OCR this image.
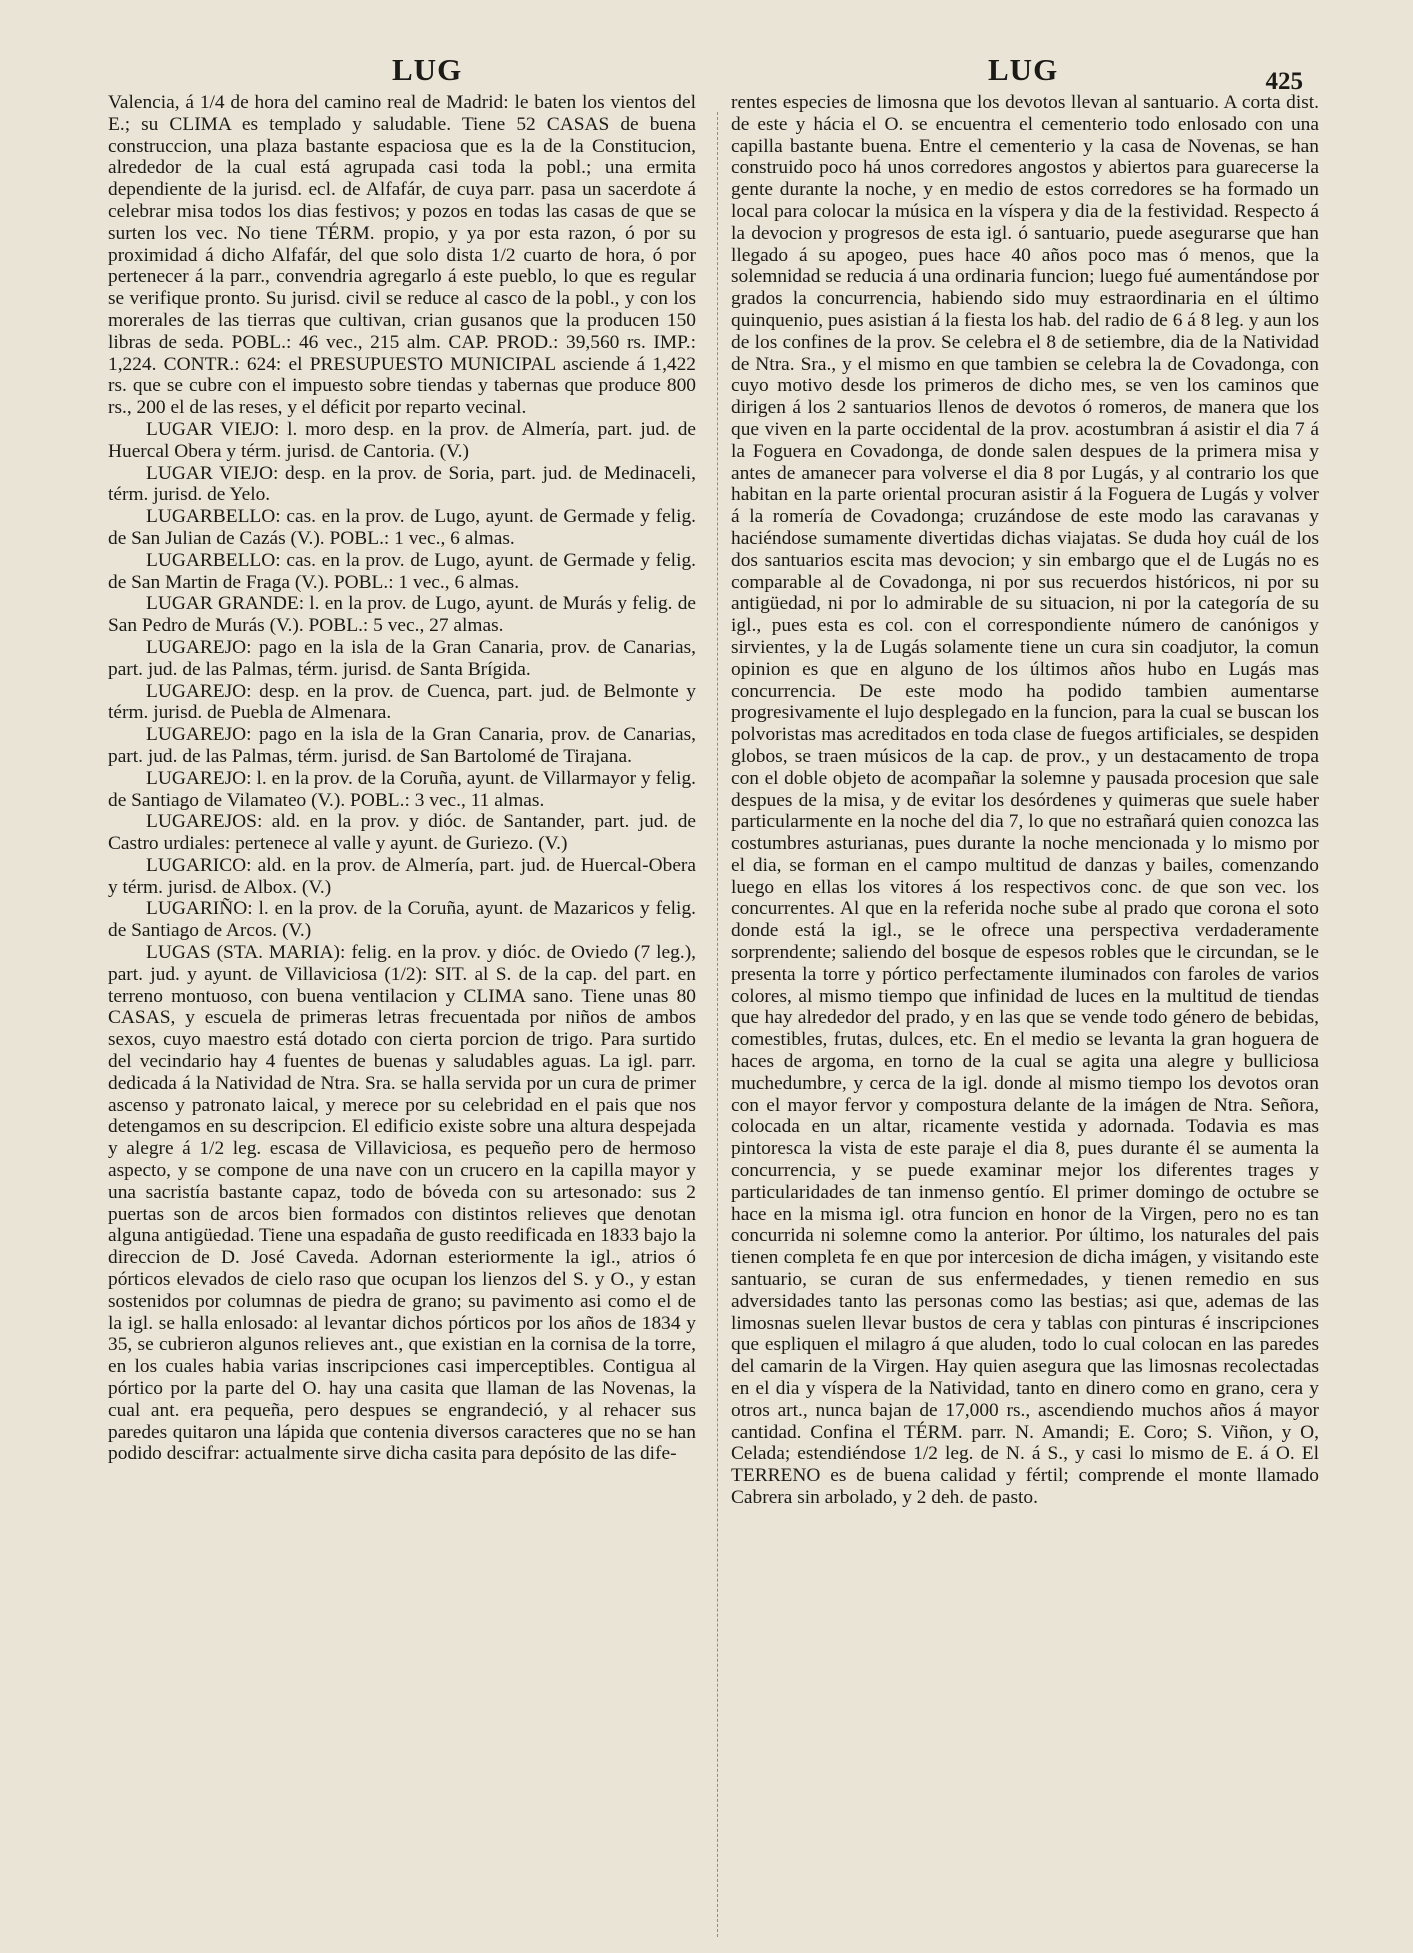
LUG	LUG	425

Valencia, á 1/4 de hora del camino real de Madrid: le baten los vientos del E.; su CLIMA es templado y saludable. Tiene 52 CASAS de buena construccion, una plaza bastante espaciosa que es la de la Constitucion, alrededor de la cual está agrupada casi toda la pobl.; una ermita dependiente de la jurisd. ecl. de Alfafár, de cuya parr. pasa un sacerdote á celebrar misa todos los dias festivos; y pozos en todas las casas de que se surten los vec. No tiene TÉRM. propio, y ya por esta razon, ó por su proximidad á dicho Alfafár, del que solo dista 1/2 cuarto de hora, ó por pertenecer á la parr., convendria agregarlo á este pueblo, lo que es regular se verifique pronto. Su jurisd. civil se reduce al casco de la pobl., y con los morerales de las tierras que cultivan, crian gusanos que la producen 150 libras de seda. POBL.: 46 vec., 215 alm. CAP. PROD.: 39,560 rs. IMP.: 1,224. CONTR.: 624: el PRESUPUESTO MUNICIPAL asciende á 1,422 rs. que se cubre con el impuesto sobre tiendas y tabernas que produce 800 rs., 200 el de las reses, y el déficit por reparto vecinal.

LUGAR VIEJO: l. moro desp. en la prov. de Almería, part. jud. de Huercal Obera y térm. jurisd. de Cantoria. (V.)

LUGAR VIEJO: desp. en la prov. de Soria, part. jud. de Medinaceli, térm. jurisd. de Yelo.

LUGARBELLO: cas. en la prov. de Lugo, ayunt. de Germade y felig. de San Julian de Cazás (V.). POBL.: 1 vec., 6 almas.

LUGARBELLO: cas. en la prov. de Lugo, ayunt. de Germade y felig. de San Martin de Fraga (V.). POBL.: 1 vec., 6 almas.

LUGAR GRANDE: l. en la prov. de Lugo, ayunt. de Murás y felig. de San Pedro de Murás (V.). POBL.: 5 vec., 27 almas.

LUGAREJO: pago en la isla de la Gran Canaria, prov. de Canarias, part. jud. de las Palmas, térm. jurisd. de Santa Brígida.

LUGAREJO: desp. en la prov. de Cuenca, part. jud. de Belmonte y térm. jurisd. de Puebla de Almenara.

LUGAREJO: pago en la isla de la Gran Canaria, prov. de Canarias, part. jud. de las Palmas, térm. jurisd. de San Bartolomé de Tirajana.

LUGAREJO: l. en la prov. de la Coruña, ayunt. de Villarmayor y felig. de Santiago de Vilamateo (V.). POBL.: 3 vec., 11 almas.

LUGAREJOS: ald. en la prov. y dióc. de Santander, part. jud. de Castro urdiales: pertenece al valle y ayunt. de Guriezo. (V.)

LUGARICO: ald. en la prov. de Almería, part. jud. de Huercal-Obera y térm. jurisd. de Albox. (V.)

LUGARIÑO: l. en la prov. de la Coruña, ayunt. de Mazaricos y felig. de Santiago de Arcos. (V.)

LUGAS (STA. MARIA): felig. en la prov. y dióc. de Oviedo (7 leg.), part. jud. y ayunt. de Villaviciosa (1/2): SIT. al S. de la cap. del part. en terreno montuoso, con buena ventilacion y CLIMA sano. Tiene unas 80 CASAS, y escuela de primeras letras frecuentada por niños de ambos sexos, cuyo maestro está dotado con cierta porcion de trigo. Para surtido del vecindario hay 4 fuentes de buenas y saludables aguas. La igl. parr. dedicada á la Natividad de Ntra. Sra. se halla servida por un cura de primer ascenso y patronato laical, y merece por su celebridad en el pais que nos detengamos en su descripcion. El edificio existe sobre una altura despejada y alegre á 1/2 leg. escasa de Villaviciosa, es pequeño pero de hermoso aspecto, y se compone de una nave con un crucero en la capilla mayor y una sacristía bastante capaz, todo de bóveda con su artesonado: sus 2 puertas son de arcos bien formados con distintos relieves que denotan alguna antigüedad. Tiene una espadaña de gusto reedificada en 1833 bajo la direccion de D. José Caveda. Adornan esteriormente la igl., atrios ó pórticos elevados de cielo raso que ocupan los lienzos del S. y O., y estan sostenidos por columnas de piedra de grano; su pavimento asi como el de la igl. se halla enlosado: al levantar dichos pórticos por los años de 1834 y 35, se cubrieron algunos relieves ant., que existian en la cornisa de la torre, en los cuales habia varias inscripciones casi imperceptibles. Contigua al pórtico por la parte del O. hay una casita que llaman de las Novenas, la cual ant. era pequeña, pero despues se engrandeció, y al rehacer sus paredes quitaron una lápida que contenia diversos caracteres que no se han podido descifrar: actualmente sirve dicha casita para depósito de las dife-

rentes especies de limosna que los devotos llevan al santuario. A corta dist. de este y hácia el O. se encuentra el cementerio todo enlosado con una capilla bastante buena. Entre el cementerio y la casa de Novenas, se han construido poco há unos corredores angostos y abiertos para guarecerse la gente durante la noche, y en medio de estos corredores se ha formado un local para colocar la música en la víspera y dia de la festividad. Respecto á la devocion y progresos de esta igl. ó santuario, puede asegurarse que han llegado á su apogeo, pues hace 40 años poco mas ó menos, que la solemnidad se reducia á una ordinaria funcion; luego fué aumentándose por grados la concurrencia, habiendo sido muy estraordinaria en el último quinquenio, pues asistian á la fiesta los hab. del radio de 6 á 8 leg. y aun los de los confines de la prov. Se celebra el 8 de setiembre, dia de la Natividad de Ntra. Sra., y el mismo en que tambien se celebra la de Covadonga, con cuyo motivo desde los primeros de dicho mes, se ven los caminos que dirigen á los 2 santuarios llenos de devotos ó romeros, de manera que los que viven en la parte occidental de la prov. acostumbran á asistir el dia 7 á la Foguera en Covadonga, de donde salen despues de la primera misa y antes de amanecer para volverse el dia 8 por Lugás, y al contrario los que habitan en la parte oriental procuran asistir á la Foguera de Lugás y volver á la romería de Covadonga; cruzándose de este modo las caravanas y haciéndose sumamente divertidas dichas viajatas. Se duda hoy cuál de los dos santuarios escita mas devocion; y sin embargo que el de Lugás no es comparable al de Covadonga, ni por sus recuerdos históricos, ni por su antigüedad, ni por lo admirable de su situacion, ni por la categoría de su igl., pues esta es col. con el correspondiente número de canónigos y sirvientes, y la de Lugás solamente tiene un cura sin coadjutor, la comun opinion es que en alguno de los últimos años hubo en Lugás mas concurrencia. De este modo ha podido tambien aumentarse progresivamente el lujo desplegado en la funcion, para la cual se buscan los polvoristas mas acreditados en toda clase de fuegos artificiales, se despiden globos, se traen músicos de la cap. de prov., y un destacamento de tropa con el doble objeto de acompañar la solemne y pausada procesion que sale despues de la misa, y de evitar los desórdenes y quimeras que suele haber particularmente en la noche del dia 7, lo que no estrañará quien conozca las costumbres asturianas, pues durante la noche mencionada y lo mismo por el dia, se forman en el campo multitud de danzas y bailes, comenzando luego en ellas los vitores á los respectivos conc. de que son vec. los concurrentes. Al que en la referida noche sube al prado que corona el soto donde está la igl., se le ofrece una perspectiva verdaderamente sorprendente; saliendo del bosque de espesos robles que le circundan, se le presenta la torre y pórtico perfectamente iluminados con faroles de varios colores, al mismo tiempo que infinidad de luces en la multitud de tiendas que hay alrededor del prado, y en las que se vende todo género de bebidas, comestibles, frutas, dulces, etc. En el medio se levanta la gran hoguera de haces de argoma, en torno de la cual se agita una alegre y bulliciosa muchedumbre, y cerca de la igl. donde al mismo tiempo los devotos oran con el mayor fervor y compostura delante de la imágen de Ntra. Señora, colocada en un altar, ricamente vestida y adornada. Todavia es mas pintoresca la vista de este paraje el dia 8, pues durante él se aumenta la concurrencia, y se puede examinar mejor los diferentes trages y particularidades de tan inmenso gentío. El primer domingo de octubre se hace en la misma igl. otra funcion en honor de la Virgen, pero no es tan concurrida ni solemne como la anterior. Por último, los naturales del pais tienen completa fe en que por intercesion de dicha imágen, y visitando este santuario, se curan de sus enfermedades, y tienen remedio en sus adversidades tanto las personas como las bestias; asi que, ademas de las limosnas suelen llevar bustos de cera y tablas con pinturas é inscripciones que espliquen el milagro á que aluden, todo lo cual colocan en las paredes del camarin de la Virgen. Hay quien asegura que las limosnas recolectadas en el dia y víspera de la Natividad, tanto en dinero como en grano, cera y otros art., nunca bajan de 17,000 rs., ascendiendo muchos años á mayor cantidad. Confina el TÉRM. parr. N. Amandi; E. Coro; S. Viñon, y O, Celada; estendiéndose 1/2 leg. de N. á S., y casi lo mismo de E. á O. El TERRENO es de buena calidad y fértil; comprende el monte llamado Cabrera sin arbolado, y 2 deh. de pasto.
